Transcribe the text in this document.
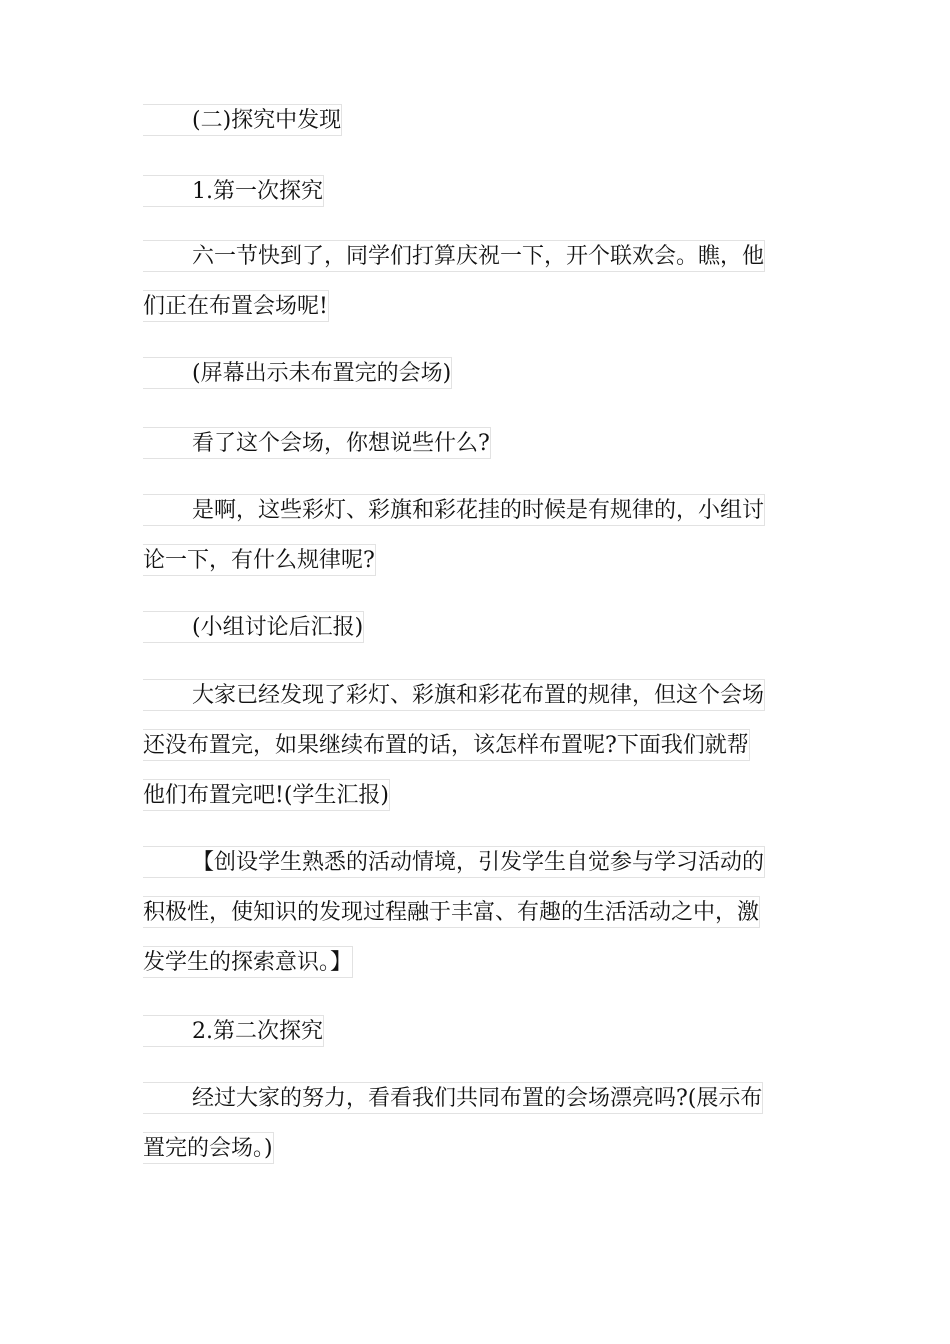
(二)探究中发现
1.第一次探究
六一节快到了，同学们打算庆祝一下，开个联欢会。瞧，他
们正在布置会场呢!
(屏幕出示未布置完的会场)
看了这个会场，你想说些什么?
是啊，这些彩灯、彩旗和彩花挂的时候是有规律的，小组讨
论一下，有什么规律呢?
(小组讨论后汇报)
大家已经发现了彩灯、彩旗和彩花布置的规律，但这个会场
还没布置完，如果继续布置的话，该怎样布置呢?下面我们就帮
他们布置完吧!(学生汇报)
【创设学生熟悉的活动情境，引发学生自觉参与学习活动的
积极性，使知识的发现过程融于丰富、有趣的生活活动之中，激
发学生的探索意识。】
2.第二次探究
经过大家的努力，看看我们共同布置的会场漂亮吗?(展示布
置完的会场。)
